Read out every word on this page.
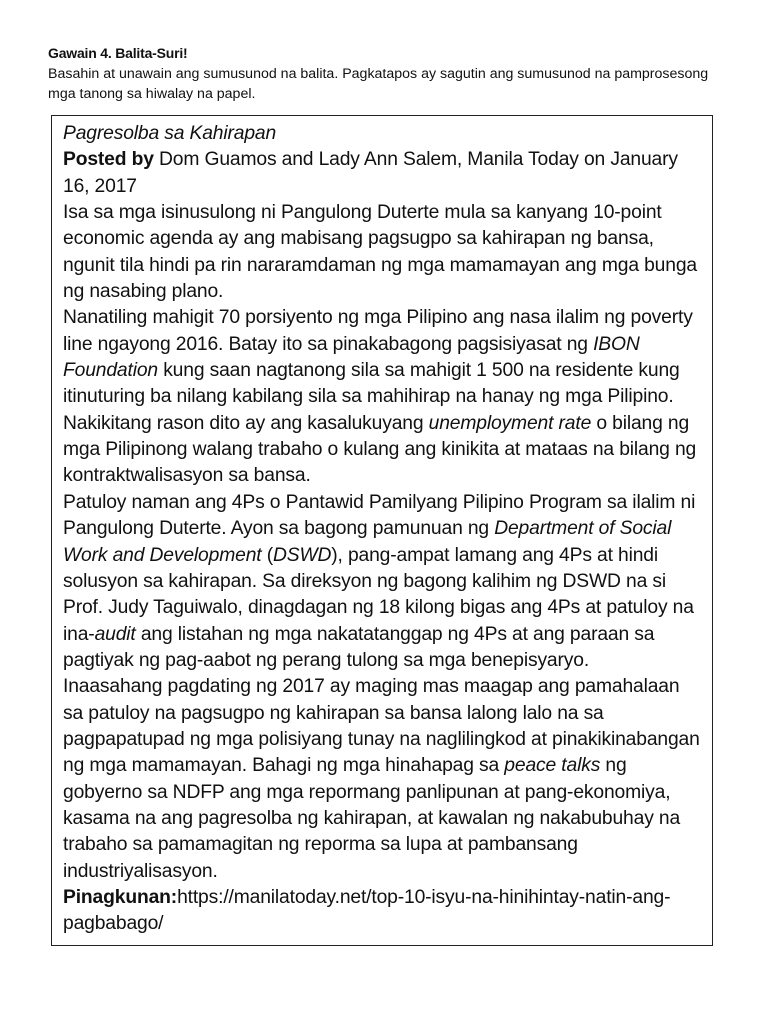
Gawain 4. Balita-Suri!

Basahin at unawain ang sumusunod na balita. Pagkatapos ay sagutin ang sumusunod na pamprosesong mga tanong sa hiwalay na papel.

Pagresolba sa Kahirapan

Posted by Dom Guamos and Lady Ann Salem, Manila Today on January 16, 2017

Isa sa mga isinusulong ni Pangulong Duterte mula sa kanyang 10-point economic agenda ay ang mabisang pagsugpo sa kahirapan ng bansa, ngunit tila hindi pa rin nararamdaman ng mga mamamayan ang mga bunga ng nasabing plano.

Nanatiling mahigit 70 porsiyento ng mga Pilipino ang nasa ilalim ng poverty line ngayong 2016. Batay ito sa pinakabagong pagsisiyasat ng IBON Foundation kung saan nagtanong sila sa mahigit 1 500 na residente kung itinuturing ba nilang kabilang sila sa mahihirap na hanay ng mga Pilipino. Nakikitang rason dito ay ang kasalukuyang unemployment rate o bilang ng mga Pilipinong walang trabaho o kulang ang kinikita at mataas na bilang ng kontraktwalisasyon sa bansa.

Patuloy naman ang 4Ps o Pantawid Pamilyang Pilipino Program sa ilalim ni Pangulong Duterte. Ayon sa bagong pamunuan ng Department of Social Work and Development (DSWD), pang-ampat lamang ang 4Ps at hindi solusyon sa kahirapan. Sa direksyon ng bagong kalihim ng DSWD na si Prof. Judy Taguiwalo, dinagdagan ng 18 kilong bigas ang 4Ps at patuloy na ina-audit ang listahan ng mga nakatatanggap ng 4Ps at ang paraan sa pagtiyak ng pag-aabot ng perang tulong sa mga benepisyaryo.

Inaasahang pagdating ng 2017 ay maging mas maagap ang pamahalaan sa patuloy na pagsugpo ng kahirapan sa bansa lalong lalo na sa pagpapatupad ng mga polisiyang tunay na naglilingkod at pinakikinabangan ng mga mamamayan. Bahagi ng mga hinahapag sa peace talks ng gobyerno sa NDFP ang mga repormang panlipunan at pang-ekonomiya, kasama na ang pagresolba ng kahirapan, at kawalan ng nakabubuhay na trabaho sa pamamagitan ng reporma sa lupa at pambansang industriyalisasyon.

Pinagkunan:https://manilatoday.net/top-10-isyu-na-hinihintay-natin-ang-pagbabago/
